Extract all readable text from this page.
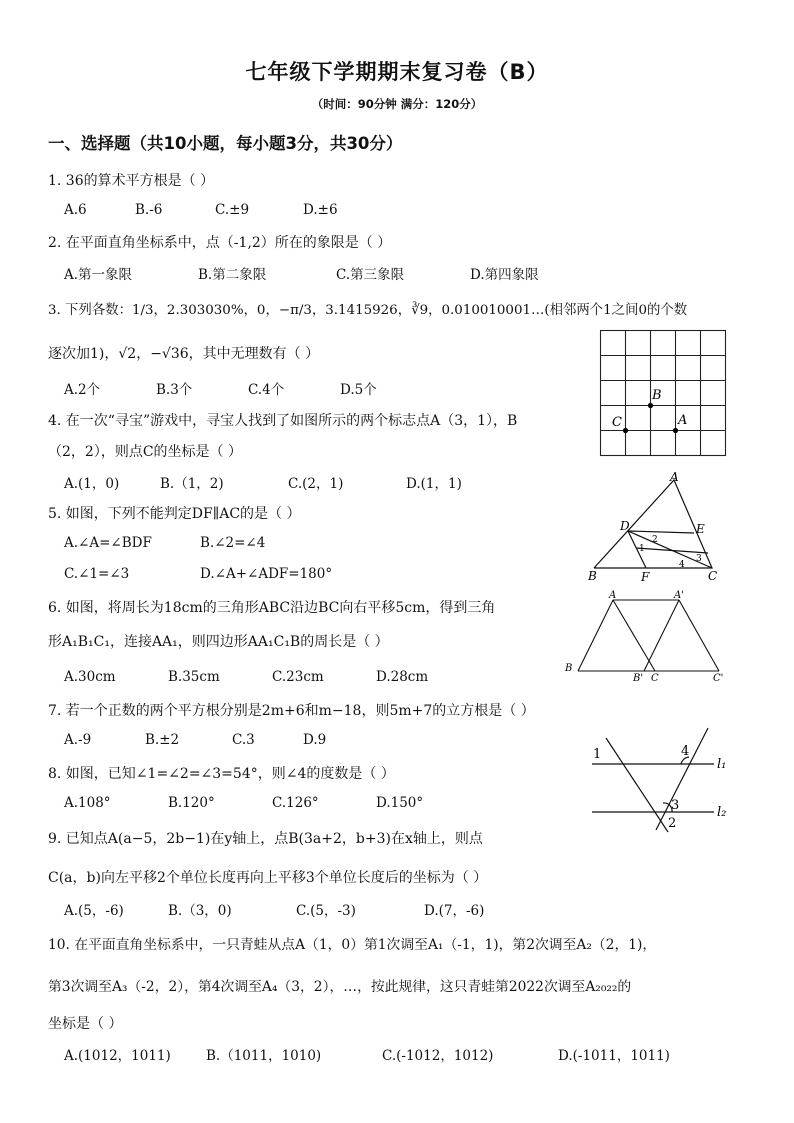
七年级下学期期末复习卷（B）
（时间：90分钟 满分：120分）
一、选择题（共10小题，每小题3分，共30分）
1. 36的算术平方根是（ ）
A.6	B.-6	C.±9	D.±6
2. 在平面直角坐标系中，点（-1,2）所在的象限是（ ）
A.第一象限	B.第二象限	C.第三象限	D.第四象限
3. 下列各数：1/3，2.303030%，0，−π/3，3.1415926，∛9，0.010010001…(相邻两个1之间0的个数
逐次加1)，√2，−√36，其中无理数有（ ）
A.2个	B.3个	C.4个	D.5个
4. 在一次“寻宝”游戏中，寻宝人找到了如图所示的两个标志点A（3，1），B
（2，2），则点C的坐标是（ ）
A.(1，0)	B.（1，2)	C.(2，1)	D.(1，1)
B
C	A
5. 如图，下列不能判定DF∥AC的是（ ）
A.∠A=∠BDF	B.∠2=∠4
C.∠1=∠3	D.∠A+∠ADF=180°
A
D	E
B	F	C
1
2
3
4
6. 如图，将周长为18cm的三角形ABC沿边BC向右平移5cm，得到三角
形A₁B₁C₁，连接AA₁，则四边形AA₁C₁B的周长是（ ）
A.30cm	B.35cm	C.23cm	D.28cm
A	A'
B
B' C	C'
7. 若一个正数的两个平方根分别是2m+6和m−18，则5m+7的立方根是（ ）
A.-9	B.±2	C.3	D.9
8. 如图，已知∠1=∠2=∠3=54°，则∠4的度数是（ ）
A.108°	B.120°	C.126°	D.150°
1	4
l₁
3
2
l₂
9. 已知点A(a−5，2b−1)在y轴上，点B(3a+2，b+3)在x轴上，则点
C(a，b)向左平移2个单位长度再向上平移3个单位长度后的坐标为（ ）
A.(5，-6)	B.（3，0)	C.(5，-3)	D.(7，-6)
10. 在平面直角坐标系中，一只青蛙从点A（1，0）第1次调至A₁（-1，1)，第2次调至A₂（2，1)，
第3次调至A₃（-2，2），第4次调至A₄（3，2），…，按此规律，这只青蛙第2022次调至A₂₀₂₂的
坐标是（ ）
A.(1012，1011)	B.（1011，1010)	C.(-1012，1012)	D.(-1011，1011)
